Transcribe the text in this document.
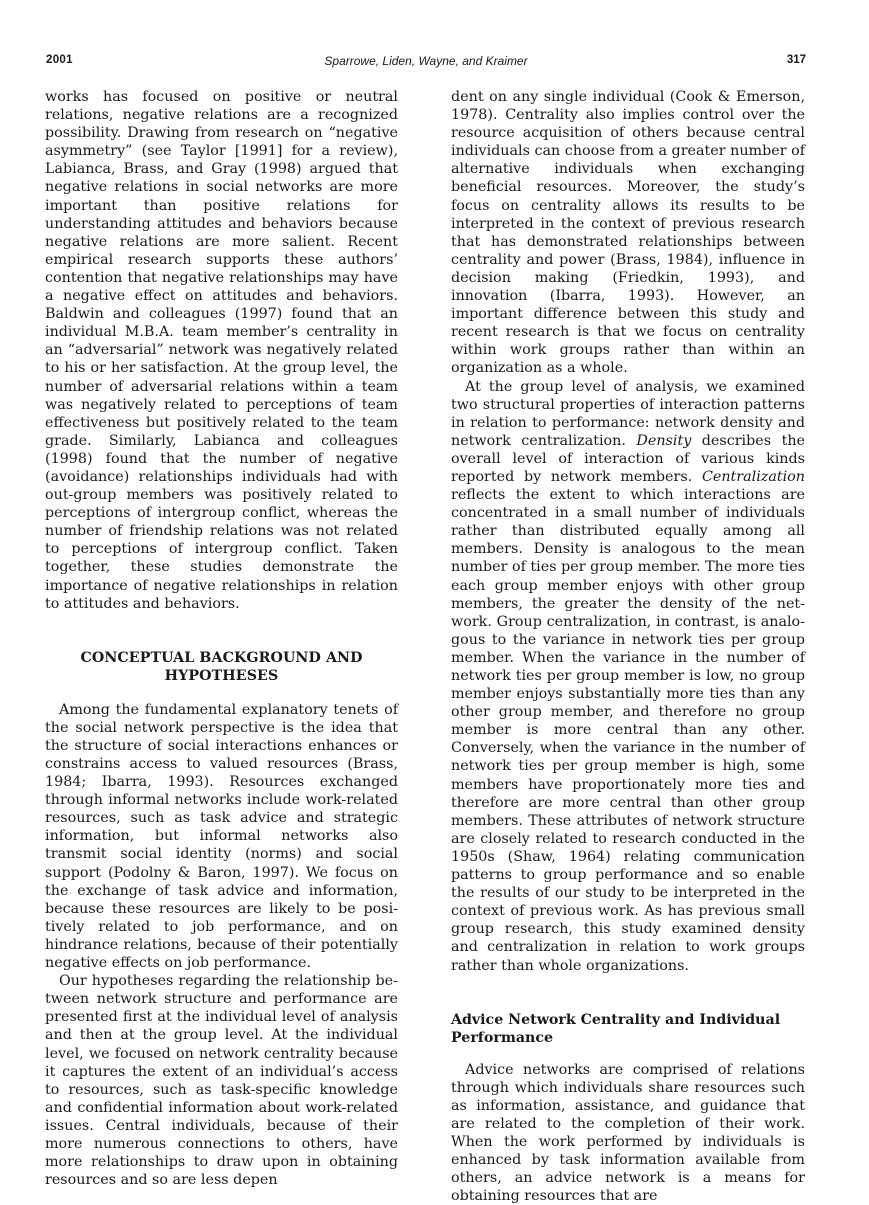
2001	Sparrowe, Liden, Wayne, and Kraimer	317

works has focused on positive or neutral relations, negative relations are a recognized possibility. Drawing from research on “negative asymmetry” (see Taylor [1991] for a review), Labianca, Brass, and Gray (1998) argued that negative relations in social networks are more important than positive relations for understanding attitudes and behaviors because negative relations are more salient. Recent empirical research supports these authors’ contention that negative relationships may have a negative effect on attitudes and behaviors. Baldwin and colleagues (1997) found that an individual M.B.A. team member’s centrality in an “adversarial” network was negatively related to his or her satisfaction. At the group level, the number of adversarial relations within a team was negatively related to perceptions of team effectiveness but positively related to the team grade. Similarly, Labianca and colleagues (1998) found that the number of negative (avoidance) relationships individuals had with out-group members was positively related to perceptions of intergroup conflict, whereas the number of friendship relations was not related to perceptions of intergroup conflict. Taken together, these studies demonstrate the importance of negative relationships in relation to attitudes and behaviors.

CONCEPTUAL BACKGROUND AND
HYPOTHESES

Among the fundamental explanatory tenets of the social network perspective is the idea that the structure of social interactions enhances or constrains access to valued resources (Brass, 1984; Ibarra, 1993). Resources exchanged through informal networks include work-related resources, such as task advice and strategic information, but informal networks also transmit social identity (norms) and social support (Podolny & Baron, 1997). We focus on the exchange of task advice and information, because these resources are likely to be positively related to job performance, and on hindrance relations, because of their potentially negative effects on job performance.

Our hypotheses regarding the relationship between network structure and performance are presented first at the individual level of analysis and then at the group level. At the individual level, we focused on network centrality because it captures the extent of an individual’s access to resources, such as task-specific knowledge and confidential information about work-related issues. Central individuals, because of their more numerous connections to others, have more relationships to draw upon in obtaining resources and so are less depen

dent on any single individual (Cook & Emerson, 1978). Centrality also implies control over the resource acquisition of others because central individuals can choose from a greater number of alternative individuals when exchanging beneficial resources. Moreover, the study’s focus on centrality allows its results to be interpreted in the context of previous research that has demonstrated relationships between centrality and power (Brass, 1984), influence in decision making (Friedkin, 1993), and innovation (Ibarra, 1993). However, an important difference between this study and recent research is that we focus on centrality within work groups rather than within an organization as a whole.

At the group level of analysis, we examined two structural properties of interaction patterns in relation to performance: network density and network centralization. Density describes the overall level of interaction of various kinds reported by network members. Centralization reflects the extent to which interactions are concentrated in a small number of individuals rather than distributed equally among all members. Density is analogous to the mean number of ties per group member. The more ties each group member enjoys with other group members, the greater the density of the network. Group centralization, in contrast, is analogous to the variance in network ties per group member. When the variance in the number of network ties per group member is low, no group member enjoys substantially more ties than any other group member, and therefore no group member is more central than any other. Conversely, when the variance in the number of network ties per group member is high, some members have proportionately more ties and therefore are more central than other group members. These attributes of network structure are closely related to research conducted in the 1950s (Shaw, 1964) relating communication patterns to group performance and so enable the results of our study to be interpreted in the context of previous work. As has previous small group research, this study examined density and centralization in relation to work groups rather than whole organizations.

Advice Network Centrality and Individual
Performance

Advice networks are comprised of relations through which individuals share resources such as information, assistance, and guidance that are related to the completion of their work. When the work performed by individuals is enhanced by task information available from others, an advice network is a means for obtaining resources that are
